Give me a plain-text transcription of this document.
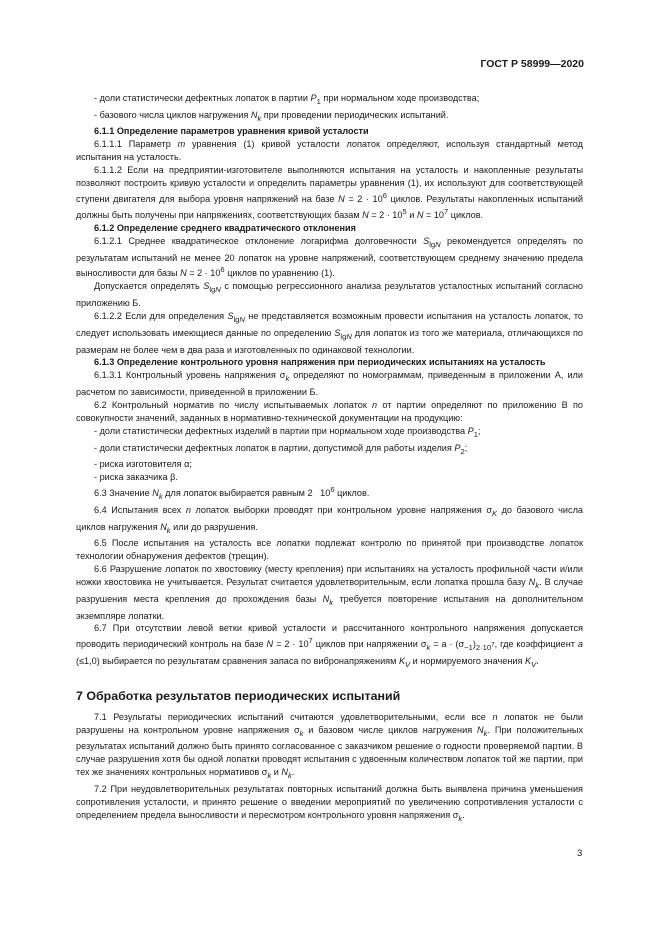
ГОСТ Р 58999—2020

- доли статистически дефектных лопаток в партии $P_1$ при нормальном ходе производства;

- базового числа циклов нагружения $N_k$ при проведении периодических испытаний.

6.1.1 Определение параметров уравнения кривой усталости

6.1.1.1 Параметр m уравнения (1) кривой усталости лопаток определяют, используя стандартный метод испытания на усталость.

6.1.1.2 Если на предприятии-изготовителе выполняются испытания на усталость и накопленные результаты позволяют построить кривую усталости и определить параметры уравнения (1), их используют для соответствующей ступени двигателя для выбора уровня напряжений на базе $N = 2 \cdot 10^6$ циклов. Результаты накопленных испытаний должны быть получены при напряжениях, соответствующих базам $N = 2 \cdot 10^5$ и $N = 10^7$ циклов.

6.1.2 Определение среднего квадратического отклонения

6.1.2.1 Среднее квадратическое отклонение логарифма долговечности $S_{lgN}$ рекомендуется определять по результатам испытаний не менее 20 лопаток на уровне напряжений, соответствующем среднему значению предела выносливости для базы $N = 2 \cdot 10^6$ циклов по уравнению (1).

Допускается определять $S_{lgN}$ с помощью регрессионного анализа результатов усталостных испытаний согласно приложению Б.

6.1.2.2 Если для определения $S_{lgN}$ не представляется возможным провести испытания на усталость лопаток, то следует использовать имеющиеся данные по определению $S_{lgN}$ для лопаток из того же материала, отличающихся по размерам не более чем в два раза и изготовленных по одинаковой технологии.

6.1.3 Определение контрольного уровня напряжения при периодических испытаниях на усталость

6.1.3.1 Контрольный уровень напряжения $\sigma_k$ определяют по номограммам, приведенным в приложении А, или расчетом по зависимости, приведенной в приложении Б.

6.2 Контрольный норматив по числу испытываемых лопаток n от партии определяют по приложению В по совокупности значений, заданных в нормативно-технической документации на продукцию:

- доли статистически дефектных изделий в партии при нормальном ходе производства $P_1$;

- доли статистически дефектных лопаток в партии, допустимой для работы изделия $P_2$;

- риска изготовителя α;

- риска заказчика β.

6.3 Значение $N_k$ для лопаток выбирается равным 2   $10^6$ циклов.

6.4 Испытания всех n лопаток выборки проводят при контрольном уровне напряжения $\sigma_K$ до базового числа циклов нагружения $N_k$ или до разрушения.

6.5 После испытания на усталость все лопатки подлежат контролю по принятой при производстве лопаток технологии обнаружения дефектов (трещин).

6.6 Разрушение лопаток по хвостовику (месту крепления) при испытаниях на усталость профильной части и/или ножки хвостовика не учитывается. Результат считается удовлетворительным, если лопатка прошла базу $N_k$. В случае разрушения места крепления до прохождения базы $N_k$ требуется повторение испытания на дополнительном экземпляре лопатки.

6.7 При отсутствии левой ветки кривой усталости и рассчитанного контрольного напряжения допускается проводить периодический контроль на базе $N = 2 \cdot 10^7$ циклов при напряжении $\sigma_k = а \cdot (\sigma_{-1})_{2\cdot 10^7}$, где коэффициент а (≤1,0) выбирается по результатам сравнения запаса по вибронапряжениям $K_V$ и нормируемого значения $K_V$.

7 Обработка результатов периодических испытаний

7.1 Результаты периодических испытаний считаются удовлетворительными, если все n лопаток не были разрушены на контрольном уровне напряжения $\sigma_k$ и базовом числе циклов нагружения $N_k$. При положительных результатах испытаний должно быть принято согласованное с заказчиком решение о годности проверяемой партии. В случае разрушения хотя бы одной лопатки проводят испытания с удвоенным количеством лопаток той же партии, при тех же значениях контрольных нормативов $\sigma_k$ и $N_k$.

7.2 При неудовлетворительных результатах повторных испытаний должна быть выявлена причина уменьшения сопротивления усталости, и принято решение о введении мероприятий по увеличению сопротивления усталости с определением предела выносливости и пересмотром контрольного уровня напряжения $\sigma_k$.

3
